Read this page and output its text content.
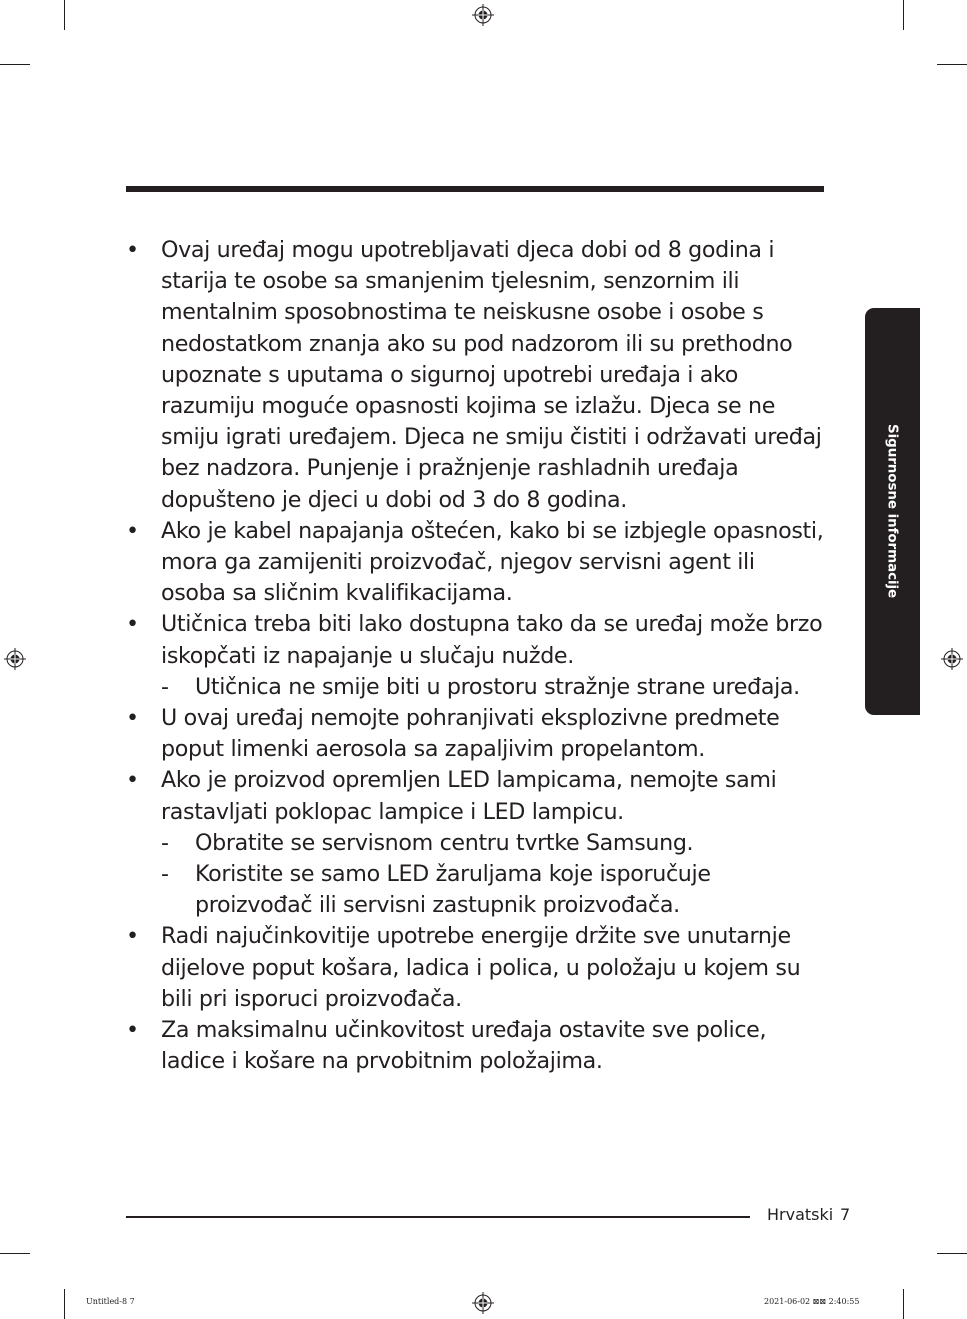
Sigurnosne informacije
• Ovaj uređaj mogu upotrebljavati djeca dobi od 8 godina i starija te osobe sa smanjenim tjelesnim, senzornim ili mentalnim sposobnostima te neiskusne osobe i osobe s nedostatkom znanja ako su pod nadzorom ili su prethodno upoznate s uputama o sigurnoj upotrebi uređaja i ako razumiju moguće opasnosti kojima se izlažu. Djeca se ne smiju igrati uređajem. Djeca ne smiju čistiti i održavati uređaj bez nadzora. Punjenje i pražnjenje rashladnih uređaja dopušteno je djeci u dobi od 3 do 8 godina.
• Ako je kabel napajanja oštećen, kako bi se izbjegle opasnosti, mora ga zamijeniti proizvođač, njegov servisni agent ili osoba sa sličnim kvalifikacijama.
• Utičnica treba biti lako dostupna tako da se uređaj može brzo iskopčati iz napajanje u slučaju nužde.
- Utičnica ne smije biti u prostoru stražnje strane uređaja.
• U ovaj uređaj nemojte pohranjivati eksplozivne predmete poput limenki aerosola sa zapaljivim propelantom.
• Ako je proizvod opremljen LED lampicama, nemojte sami rastavljati poklopac lampice i LED lampicu.
- Obratite se servisnom centru tvrtke Samsung.
- Koristite se samo LED žaruljama koje isporučuje proizvođač ili servisni zastupnik proizvođača.
• Radi najučinkovitije upotrebe energije držite sve unutarnje dijelove poput košara, ladica i polica, u položaju u kojem su bili pri isporuci proizvođača.
• Za maksimalnu učinkovitost uređaja ostavite sve police, ladice i košare na prvobitnim položajima.
Hrvatski 7
Untitled-8 7	2021-06-02 ⊠⊠ 2:40:55
